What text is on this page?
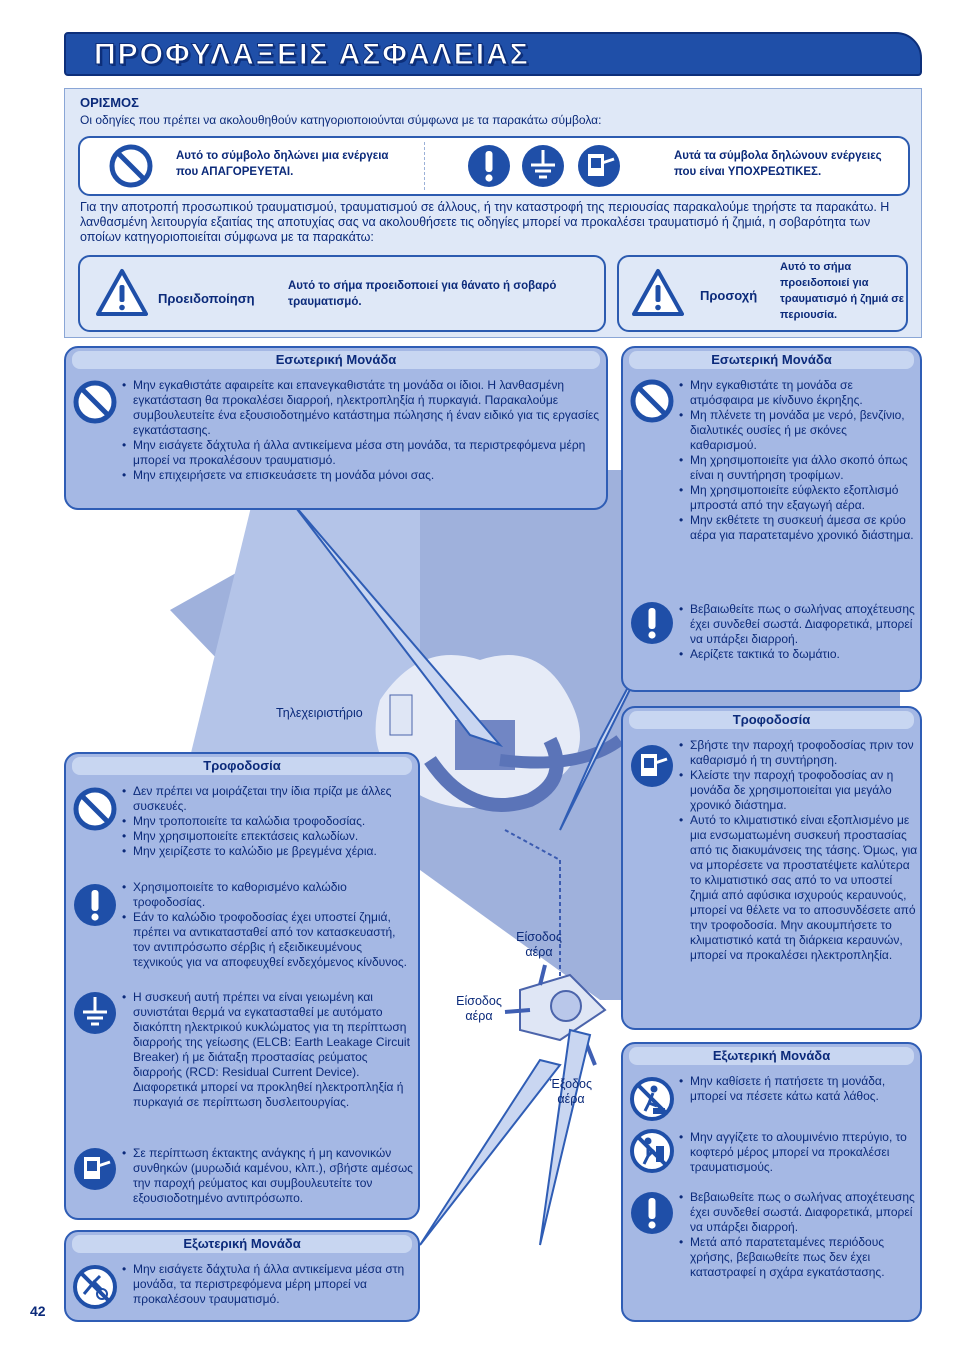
ΠΡΟΦΥΛΑΞΕΙΣ ΑΣΦΑΛΕΙΑΣ
ΟΡΙΣΜΟΣ
Οι οδηγίες που πρέπει να ακολουθηθούν κατηγοριοποιούνται σύμφωνα με τα παρακάτω σύμβολα:
Αυτό το σύμβολο δηλώνει μια ενέργεια που ΑΠΑΓΟΡΕΥΕΤΑΙ.
Αυτά τα σύμβολα δηλώνουν ενέργειες που είναι ΥΠΟΧΡΕΩΤΙΚΕΣ.
Για την αποτροπή προσωπικού τραυματισμού, τραυματισμού σε άλλους, ή την καταστροφή της περιουσίας παρακαλούμε τηρήστε τα παρακάτω. Η λανθασμένη λειτουργία εξαιτίας της αποτυχίας σας να ακολουθήσετε τις οδηγίες μπορεί να προκαλέσει τραυματισμό ή ζημιά, η σοβαρότητα των οποίων κατηγοριοποιείται σύμφωνα με τα παρακάτω:
Προειδοποίηση
Αυτό το σήμα προειδοποιεί για θάνατο ή σοβαρό τραυματισμό.	Προσοχή
Αυτό το σήμα προειδοποιεί για τραυματισμό ή ζημιά σε περιουσία.
Τηλεχειριστήριο
Είσοδος αέρα
Είσοδος αέρα
Έξοδος αέρα
Εσωτερική Μονάδα
• Μην εγκαθιστάτε αφαιρείτε και επανεγκαθιστάτε τη μονάδα οι ίδιοι. Η λανθασμένη εγκατάσταση θα προκαλέσει διαρροή, ηλεκτροπληξία ή πυρκαγιά. Παρακαλούμε συμβουλευτείτε ένα εξουσιοδοτημένο κατάστημα πώλησης ή έναν ειδικό για τις εργασίες εγκατάστασης.
• Μην εισάγετε δάχτυλα ή άλλα αντικείμενα μέσα στη μονάδα, τα περιστρεφόμενα μέρη μπορεί να προκαλέσουν τραυματισμό.
• Μην επιχειρήσετε να επισκευάσετε τη μονάδα μόνοι σας.
Εσωτερική Μονάδα
• Μην εγκαθιστάτε τη μονάδα σε ατμόσφαιρα με κίνδυνο έκρηξης.
• Μη πλένετε τη μονάδα με νερό, βενζίνιο, διαλυτικές ουσίες ή με σκόνες καθαρισμού.
• Μη χρησιμοποιείτε για άλλο σκοπό όπως είναι η συντήρηση τροφίμων.
• Μη χρησιμοποιείτε εύφλεκτο εξοπλισμό μπροστά από την εξαγωγή αέρα.
• Μην εκθέτετε τη συσκευή άμεσα σε κρύο αέρα για παρατεταμένο χρονικό διάστημα.
• Βεβαιωθείτε πως ο σωλήνας αποχέτευσης έχει συνδεθεί σωστά. Διαφορετικά, μπορεί να υπάρξει διαρροή.
• Αερίζετε τακτικά το δωμάτιο.
Τροφοδοσία
• Σβήστε την παροχή τροφοδοσίας πριν τον καθαρισμό ή τη συντήρηση.
• Κλείστε την παροχή τροφοδοσίας αν η μονάδα δε χρησιμοποιείται για μεγάλο χρονικό διάστημα.
• Αυτό το κλιματιστικό είναι εξοπλισμένο με μια ενσωματωμένη συσκευή προστασίας από τις διακυμάνσεις της τάσης. Όμως, για να μπορέσετε να προστατέψετε καλύτερα το κλιματιστικό σας από το να υποστεί ζημιά από αφύσικα ισχυρούς κεραυνούς, μπορεί να θέλετε να το αποσυνδέσετε από την τροφοδοσία. Μην ακουμπήσετε το κλιματιστικό κατά τη διάρκεια κεραυνών, μπορεί να προκαλέσει ηλεκτροπληξία.
Εξωτερική Μονάδα
• Μην καθίσετε ή πατήσετε τη μονάδα, μπορεί να πέσετε κάτω κατά λάθος.
• Μην αγγίζετε το αλουμινένιο πτερύγιο, το κοφτερό μέρος μπορεί να προκαλέσει τραυματισμούς.
• Βεβαιωθείτε πως ο σωλήνας αποχέτευσης έχει συνδεθεί σωστά. Διαφορετικά, μπορεί να υπάρξει διαρροή.
• Μετά από παρατεταμένες περιόδους χρήσης, βεβαιωθείτε πως δεν έχει καταστραφεί η σχάρα εγκατάστασης.
Τροφοδοσία
• Δεν πρέπει να μοιράζεται την ίδια πρίζα με άλλες συσκευές.
• Μην τροποποιείτε τα καλώδια τροφοδοσίας.
• Μην χρησιμοποιείτε επεκτάσεις καλωδίων.
• Μην χειρίζεστε το καλώδιο με βρεγμένα χέρια.
• Χρησιμοποιείτε το καθορισμένο καλώδιο τροφοδοσίας.
• Εάν το καλώδιο τροφοδοσίας έχει υποστεί ζημιά, πρέπει να αντικατασταθεί από τον κατασκευαστή, τον αντιπρόσωπο σέρβις ή εξειδικευμένους τεχνικούς για να αποφευχθεί ενδεχόμενος κίνδυνος.
• Η συσκευή αυτή πρέπει να είναι γειωμένη και συνιστάται θερμά να εγκατασταθεί με αυτόματο διακόπτη ηλεκτρικού κυκλώματος για τη περίπτωση διαρροής της γείωσης (ELCB: Earth Leakage Circuit Breaker) ή με διάταξη προστασίας ρεύματος διαρροής (RCD: Residual Current Device). Διαφορετικά μπορεί να προκληθεί ηλεκτροπληξία ή πυρκαγιά σε περίπτωση δυσλειτουργίας.
• Σε περίπτωση έκτακτης ανάγκης ή μη κανονικών συνθηκών (μυρωδιά καμένου, κλπ.), σβήστε αμέσως την παροχή ρεύματος και συμβουλευτείτε τον εξουσιοδοτημένο αντιπρόσωπο.
Εξωτερική Μονάδα
• Μην εισάγετε δάχτυλα ή άλλα αντικείμενα μέσα στη μονάδα, τα περιστρεφόμενα μέρη μπορεί να προκαλέσουν τραυματισμό.
42
